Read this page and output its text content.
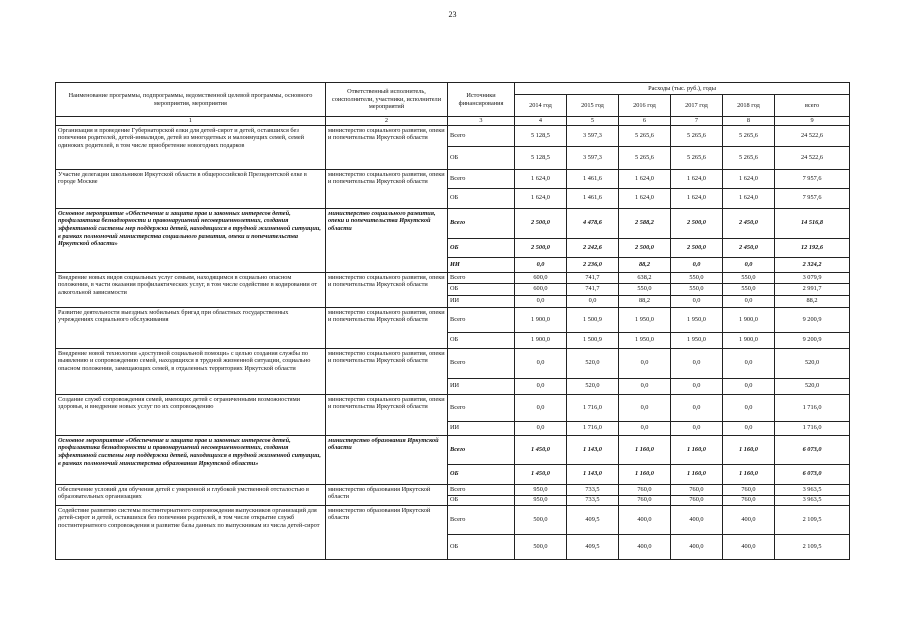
23
Наименование программы, подпрограммы, ведомственной целевой программы, основного мероприятия, мероприятия	Ответственный исполнитель, соисполнители, участники, исполнители мероприятий	Источники финансирования	Расходы (тыс. руб.), годы					
			2014 год	2015 год	2016 год	2017 год	2018 год	всего
1	2	3	4	5	6	7	8	9
Организация и проведение Губернаторской елки для детей-сирот и детей, оставшихся без попечения родителей, детей-инвалидов, детей из многодетных и малоимущих семей, семей одиноких родителей, в том числе приобретение новогодних подарков	министерство социального развития, опеки и попечительства Иркутской области	Всего	5 128,5	3 597,3	5 265,6	5 265,6	5 265,6	24 522,6
		ОБ	5 128,5	3 597,3	5 265,6	5 265,6	5 265,6	24 522,6
Участие делегации школьников Иркутской области в общероссийской Президентской елке в городе Москве	министерство социального развития, опеки и попечительства Иркутской области	Всего	1 624,0	1 461,6	1 624,0	1 624,0	1 624,0	7 957,6
		ОБ	1 624,0	1 461,6	1 624,0	1 624,0	1 624,0	7 957,6
Основное мероприятие «Обеспечение и защита прав и законных интересов детей, профилактика безнадзорности и правонарушений несовершеннолетних, создания эффективной системы мер поддержки детей, находящихся в трудной жизненной ситуации, в рамках полномочий министерства социального развития, опеки и попечительства Иркутской области»	министерство социального развития, опеки и попечительства Иркутской области	Всего	2 500,0	4 478,6	2 588,2	2 500,0	2 450,0	14 516,8
		ОБ	2 500,0	2 242,6	2 500,0	2 500,0	2 450,0	12 192,6
		ИИ	0,0	2 236,0	88,2	0,0	0,0	2 324,2
Внедрение новых видов социальных услуг семьям, находящимся в социально опасном положении, в части оказания профилактических услуг, в том числе содействие в кодировании от алкогольной зависимости	министерство социального развития, опеки и попечительства Иркутской области	Всего	600,0	741,7	638,2	550,0	550,0	3 079,9
		ОБ	600,0	741,7	550,0	550,0	550,0	2 991,7
		ИИ	0,0	0,0	88,2	0,0	0,0	88,2
Развитие деятельности выездных мобильных бригад при областных государственных учреждениях социального обслуживания	министерство социального развития, опеки и попечительства Иркутской области	Всего	1 900,0	1 500,9	1 950,0	1 950,0	1 900,0	9 200,9
		ОБ	1 900,0	1 500,9	1 950,0	1 950,0	1 900,0	9 200,9
Внедрение новой технологии «доступной социальной помощи» с целью создания службы по выявлению и сопровождению семей, находящихся в трудной жизненной ситуации, социально опасном положении, замещающих семей, в отдаленных территориях Иркутской области	министерство социального развития, опеки и попечительства Иркутской области	Всего	0,0	520,0	0,0	0,0	0,0	520,0
		ИИ	0,0	520,0	0,0	0,0	0,0	520,0
Создание служб сопровождения семей, имеющих детей с ограниченными возможностями здоровья, и внедрение новых услуг по их сопровождению	министерство социального развития, опеки и попечительства Иркутской области	Всего	0,0	1 716,0	0,0	0,0	0,0	1 716,0
		ИИ	0,0	1 716,0	0,0	0,0	0,0	1 716,0
Основное мероприятие «Обеспечение и защита прав и законных интересов детей, профилактика безнадзорности и правонарушений несовершеннолетних, создания эффективной системы мер поддержки детей, находящихся в трудной жизненной ситуации, в рамках полномочий министерства образования Иркутской области»	министерство образования Иркутской области	Всего	1 450,0	1 143,0	1 160,0	1 160,0	1 160,0	6 073,0
		ОБ	1 450,0	1 143,0	1 160,0	1 160,0	1 160,0	6 073,0
Обеспечение условий для обучения детей с умеренной и глубокой умственной отсталостью в образовательных организациях	министерство образования Иркутской области	Всего	950,0	733,5	760,0	760,0	760,0	3 963,5
		ОБ	950,0	733,5	760,0	760,0	760,0	3 963,5
Содействие развитию системы постинтернатного сопровождения выпускников организаций для детей-сирот и детей, оставшихся без попечения родителей, в том числе открытие служб постинтернатного сопровождения и развитие базы данных по выпускникам из числа детей-сирот	министерство образования Иркутской области	Всего	500,0	409,5	400,0	400,0	400,0	2 109,5
		ОБ	500,0	409,5	400,0	400,0	400,0	2 109,5
